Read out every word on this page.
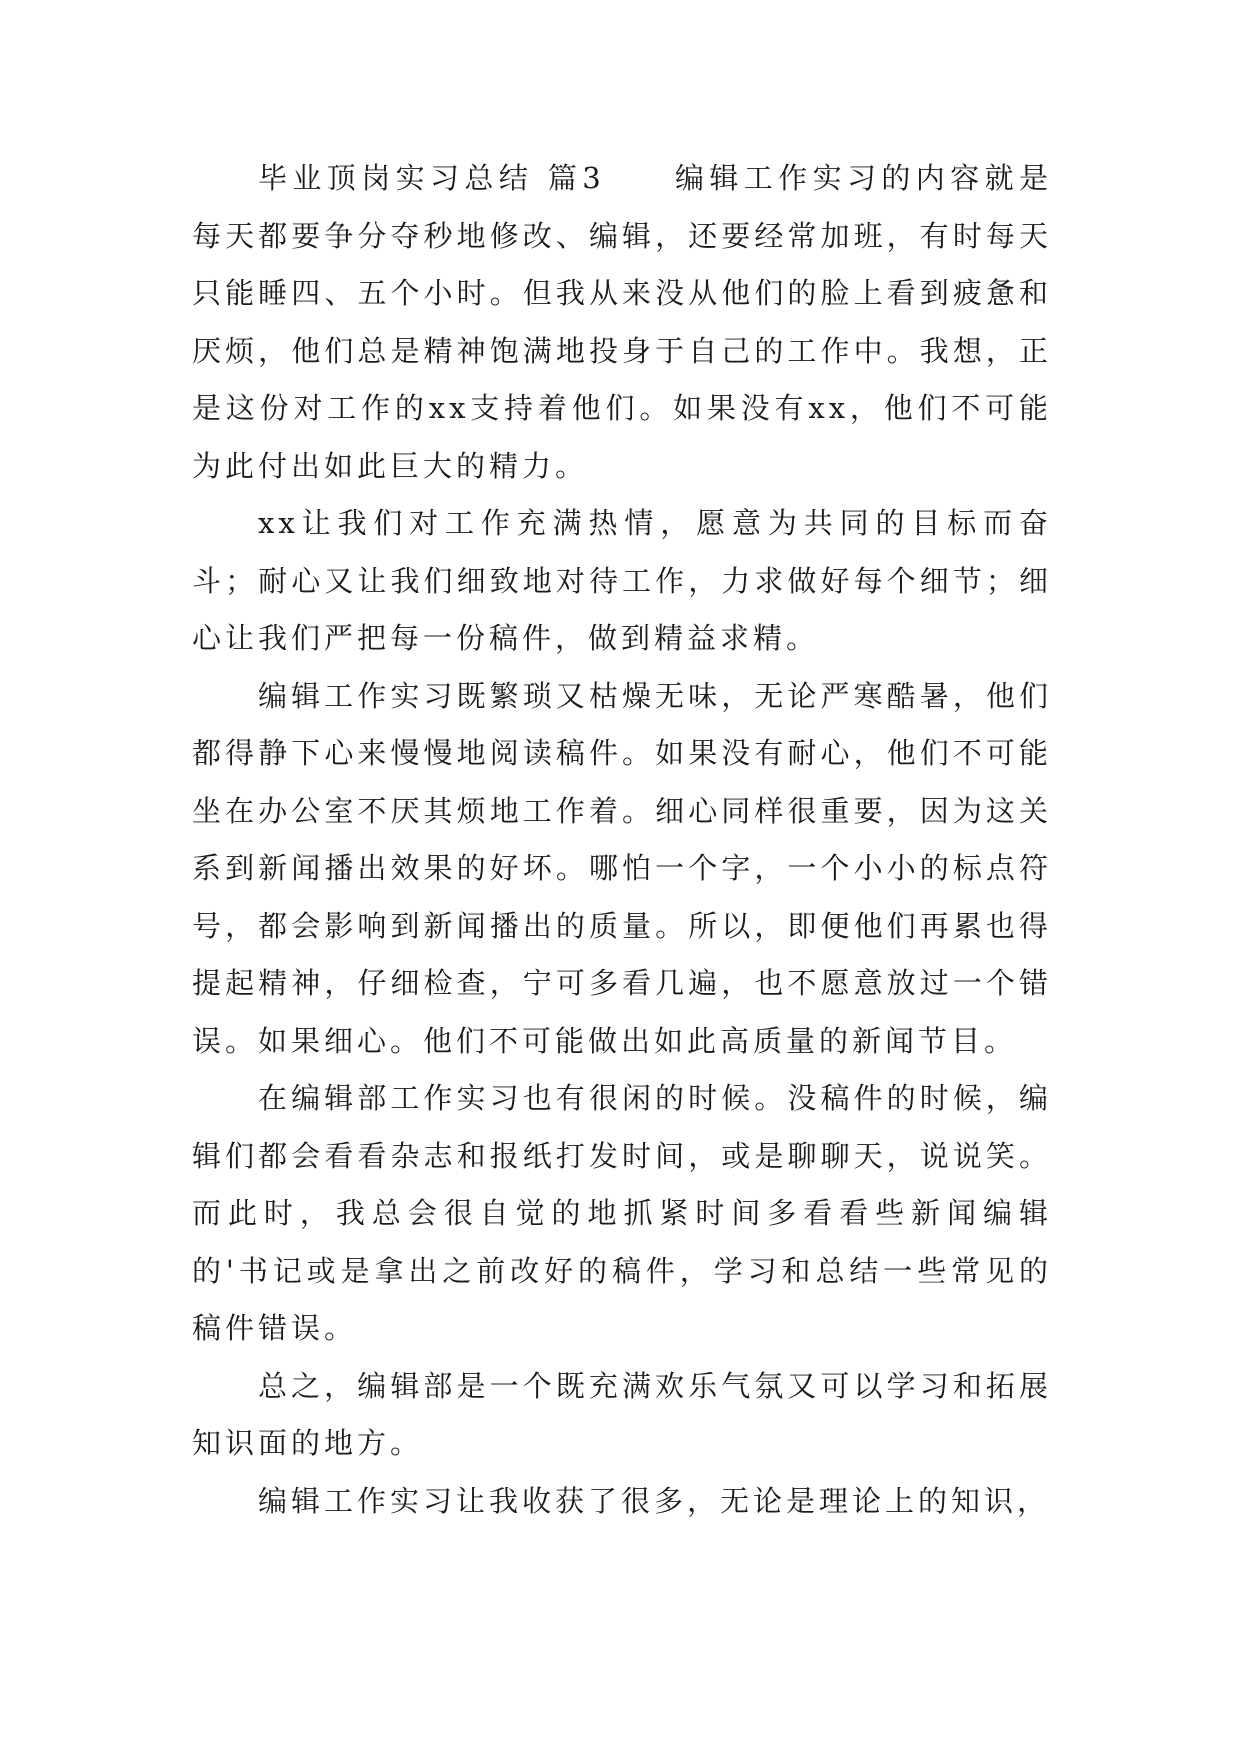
毕业顶岗实习总结 篇3　　编辑工作实习的内容就是每天都要争分夺秒地修改、编辑，还要经常加班，有时每天只能睡四、五个小时。但我从来没从他们的脸上看到疲惫和厌烦，他们总是精神饱满地投身于自己的工作中。我想，正是这份对工作的xx支持着他们。如果没有xx，他们不可能为此付出如此巨大的精力。

xx让我们对工作充满热情，愿意为共同的目标而奋斗；耐心又让我们细致地对待工作，力求做好每个细节；细心让我们严把每一份稿件，做到精益求精。

编辑工作实习既繁琐又枯燥无味，无论严寒酷暑，他们都得静下心来慢慢地阅读稿件。如果没有耐心，他们不可能坐在办公室不厌其烦地工作着。细心同样很重要，因为这关系到新闻播出效果的好坏。哪怕一个字，一个小小的标点符号，都会影响到新闻播出的质量。所以，即便他们再累也得提起精神，仔细检查，宁可多看几遍，也不愿意放过一个错误。如果细心。他们不可能做出如此高质量的新闻节目。

在编辑部工作实习也有很闲的时候。没稿件的时候，编辑们都会看看杂志和报纸打发时间，或是聊聊天，说说笑。而此时，我总会很自觉的地抓紧时间多看看些新闻编辑的'书记或是拿出之前改好的稿件，学习和总结一些常见的稿件错误。

总之，编辑部是一个既充满欢乐气氛又可以学习和拓展知识面的地方。

编辑工作实习让我收获了很多，无论是理论上的知识，
